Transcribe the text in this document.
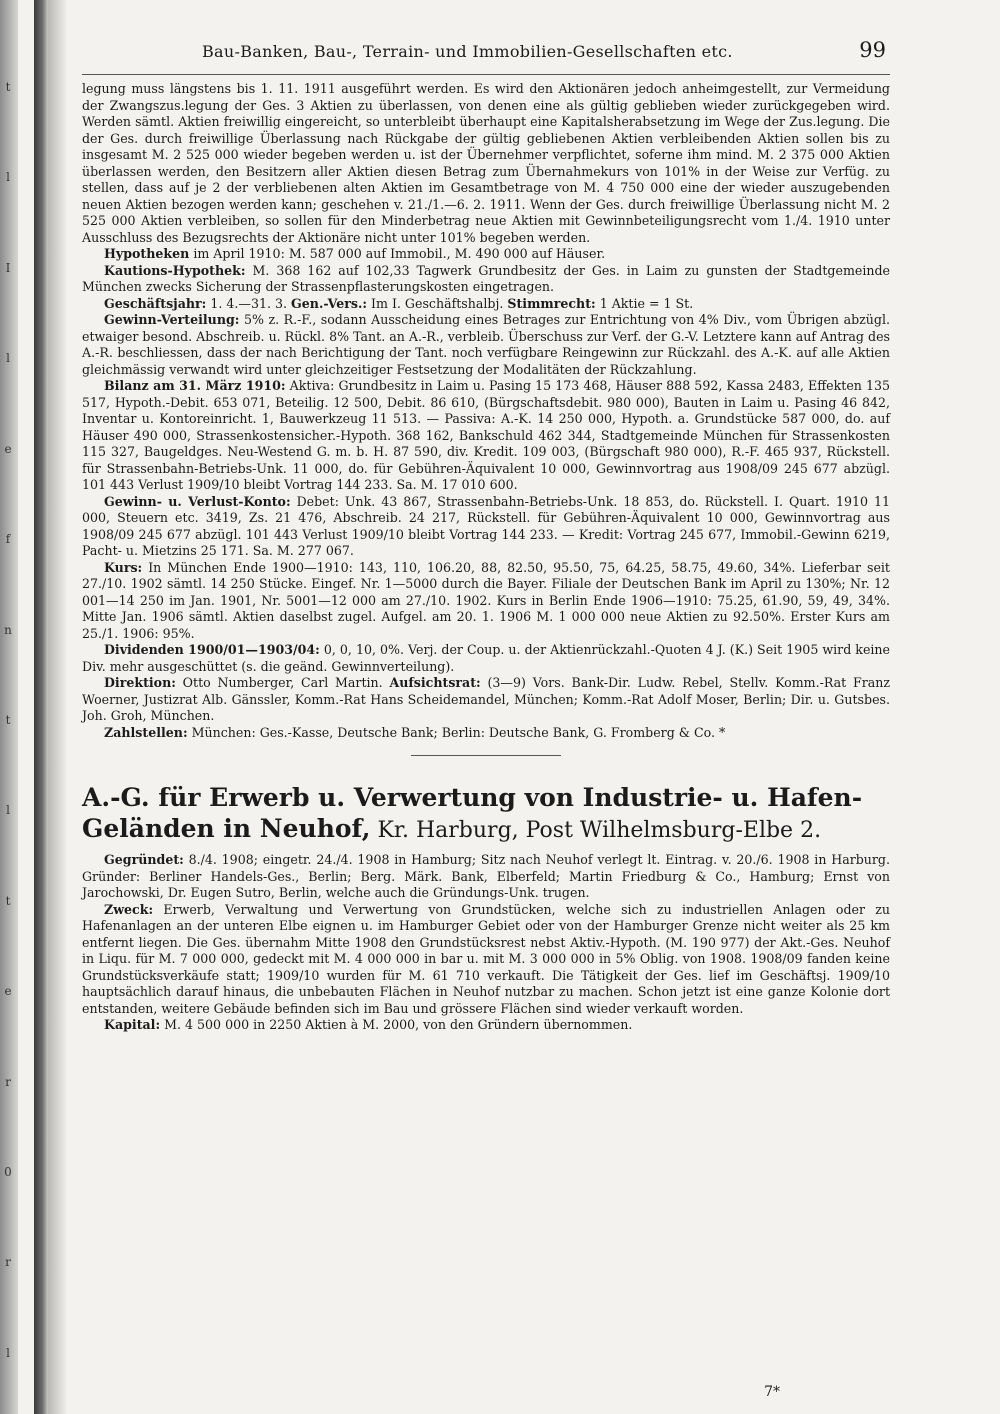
t
l
I
l
e
f
n
t
l
t
e
r
0
r
l
Bau-Banken, Bau-, Terrain- und Immobilien-Gesellschaften etc.	99

legung muss längstens bis 1. 11. 1911 ausgeführt werden. Es wird den Aktionären jedoch anheimgestellt, zur Vermeidung der Zwangszus.legung der Ges. 3 Aktien zu überlassen, von denen eine als gültig geblieben wieder zurückgegeben wird. Werden sämtl. Aktien freiwillig eingereicht, so unterbleibt überhaupt eine Kapitalsherabsetzung im Wege der Zus.legung. Die der Ges. durch freiwillige Überlassung nach Rückgabe der gültig gebliebenen Aktien verbleibenden Aktien sollen bis zu insgesamt M. 2 525 000 wieder begeben werden u. ist der Übernehmer verpflichtet, soferne ihm mind. M. 2 375 000 Aktien überlassen werden, den Besitzern aller Aktien diesen Betrag zum Übernahmekurs von 101% in der Weise zur Verfüg. zu stellen, dass auf je 2 der verbliebenen alten Aktien im Gesamtbetrage von M. 4 750 000 eine der wieder auszugebenden neuen Aktien bezogen werden kann; geschehen v. 21./1.—6. 2. 1911. Wenn der Ges. durch freiwillige Überlassung nicht M. 2 525 000 Aktien verbleiben, so sollen für den Minderbetrag neue Aktien mit Gewinnbeteiligungsrecht vom 1./4. 1910 unter Ausschluss des Bezugsrechts der Aktionäre nicht unter 101% begeben werden.

Hypotheken im April 1910: M. 587 000 auf Immobil., M. 490 000 auf Häuser.

Kautions-Hypothek: M. 368 162 auf 102,33 Tagwerk Grundbesitz der Ges. in Laim zu gunsten der Stadtgemeinde München zwecks Sicherung der Strassenpflasterungskosten eingetragen.

Geschäftsjahr: 1. 4.—31. 3. Gen.-Vers.: Im I. Geschäftshalbj. Stimmrecht: 1 Aktie = 1 St.

Gewinn-Verteilung: 5% z. R.-F., sodann Ausscheidung eines Betrages zur Entrichtung von 4% Div., vom Übrigen abzügl. etwaiger besond. Abschreib. u. Rückl. 8% Tant. an A.-R., verbleib. Überschuss zur Verf. der G.-V. Letztere kann auf Antrag des A.-R. beschliessen, dass der nach Berichtigung der Tant. noch verfügbare Reingewinn zur Rückzahl. des A.-K. auf alle Aktien gleichmässig verwandt wird unter gleichzeitiger Festsetzung der Modalitäten der Rückzahlung.

Bilanz am 31. März 1910: Aktiva: Grundbesitz in Laim u. Pasing 15 173 468, Häuser 888 592, Kassa 2483, Effekten 135 517, Hypoth.-Debit. 653 071, Beteilig. 12 500, Debit. 86 610, (Bürgschaftsdebit. 980 000), Bauten in Laim u. Pasing 46 842, Inventar u. Kontoreinricht. 1, Bauwerkzeug 11 513. — Passiva: A.-K. 14 250 000, Hypoth. a. Grundstücke 587 000, do. auf Häuser 490 000, Strassenkostensicher.-Hypoth. 368 162, Bankschuld 462 344, Stadtgemeinde München für Strassenkosten 115 327, Baugeldges. Neu-Westend G. m. b. H. 87 590, div. Kredit. 109 003, (Bürgschaft 980 000), R.-F. 465 937, Rückstell. für Strassenbahn-Betriebs-Unk. 11 000, do. für Gebühren-Äquivalent 10 000, Gewinnvortrag aus 1908/09 245 677 abzügl. 101 443 Verlust 1909/10 bleibt Vortrag 144 233. Sa. M. 17 010 600.

Gewinn- u. Verlust-Konto: Debet: Unk. 43 867, Strassenbahn-Betriebs-Unk. 18 853, do. Rückstell. I. Quart. 1910 11 000, Steuern etc. 3419, Zs. 21 476, Abschreib. 24 217, Rückstell. für Gebühren-Äquivalent 10 000, Gewinnvortrag aus 1908/09 245 677 abzügl. 101 443 Verlust 1909/10 bleibt Vortrag 144 233. — Kredit: Vortrag 245 677, Immobil.-Gewinn 6219, Pacht- u. Mietzins 25 171. Sa. M. 277 067.

Kurs: In München Ende 1900—1910: 143, 110, 106.20, 88, 82.50, 95.50, 75, 64.25, 58.75, 49.60, 34%. Lieferbar seit 27./10. 1902 sämtl. 14 250 Stücke. Eingef. Nr. 1—5000 durch die Bayer. Filiale der Deutschen Bank im April zu 130%; Nr. 12 001—14 250 im Jan. 1901, Nr. 5001—12 000 am 27./10. 1902. Kurs in Berlin Ende 1906—1910: 75.25, 61.90, 59, 49, 34%. Mitte Jan. 1906 sämtl. Aktien daselbst zugel. Aufgel. am 20. 1. 1906 M. 1 000 000 neue Aktien zu 92.50%. Erster Kurs am 25./1. 1906: 95%.

Dividenden 1900/01—1903/04: 0, 0, 10, 0%. Verj. der Coup. u. der Aktienrückzahl.-Quoten 4 J. (K.) Seit 1905 wird keine Div. mehr ausgeschüttet (s. die geänd. Gewinnverteilung).

Direktion: Otto Numberger, Carl Martin. Aufsichtsrat: (3—9) Vors. Bank-Dir. Ludw. Rebel, Stellv. Komm.-Rat Franz Woerner, Justizrat Alb. Gänssler, Komm.-Rat Hans Scheidemandel, München; Komm.-Rat Adolf Moser, Berlin; Dir. u. Gutsbes. Joh. Groh, München.

Zahlstellen: München: Ges.-Kasse, Deutsche Bank; Berlin: Deutsche Bank, G. Fromberg & Co. *

A.-G. für Erwerb u. Verwertung von Industrie- u. Hafen-Geländen in Neuhof, Kr. Harburg, Post Wilhelmsburg-Elbe 2.

Gegründet: 8./4. 1908; eingetr. 24./4. 1908 in Hamburg; Sitz nach Neuhof verlegt lt. Eintrag. v. 20./6. 1908 in Harburg. Gründer: Berliner Handels-Ges., Berlin; Berg. Märk. Bank, Elberfeld; Martin Friedburg & Co., Hamburg; Ernst von Jarochowski, Dr. Eugen Sutro, Berlin, welche auch die Gründungs-Unk. trugen.

Zweck: Erwerb, Verwaltung und Verwertung von Grundstücken, welche sich zu industriellen Anlagen oder zu Hafenanlagen an der unteren Elbe eignen u. im Hamburger Gebiet oder von der Hamburger Grenze nicht weiter als 25 km entfernt liegen. Die Ges. übernahm Mitte 1908 den Grundstücksrest nebst Aktiv.-Hypoth. (M. 190 977) der Akt.-Ges. Neuhof in Liqu. für M. 7 000 000, gedeckt mit M. 4 000 000 in bar u. mit M. 3 000 000 in 5% Oblig. von 1908. 1908/09 fanden keine Grundstücksverkäufe statt; 1909/10 wurden für M. 61 710 verkauft. Die Tätigkeit der Ges. lief im Geschäftsj. 1909/10 hauptsächlich darauf hinaus, die unbebauten Flächen in Neuhof nutzbar zu machen. Schon jetzt ist eine ganze Kolonie dort entstanden, weitere Gebäude befinden sich im Bau und grössere Flächen sind wieder verkauft worden.

Kapital: M. 4 500 000 in 2250 Aktien à M. 2000, von den Gründern übernommen.

7*
